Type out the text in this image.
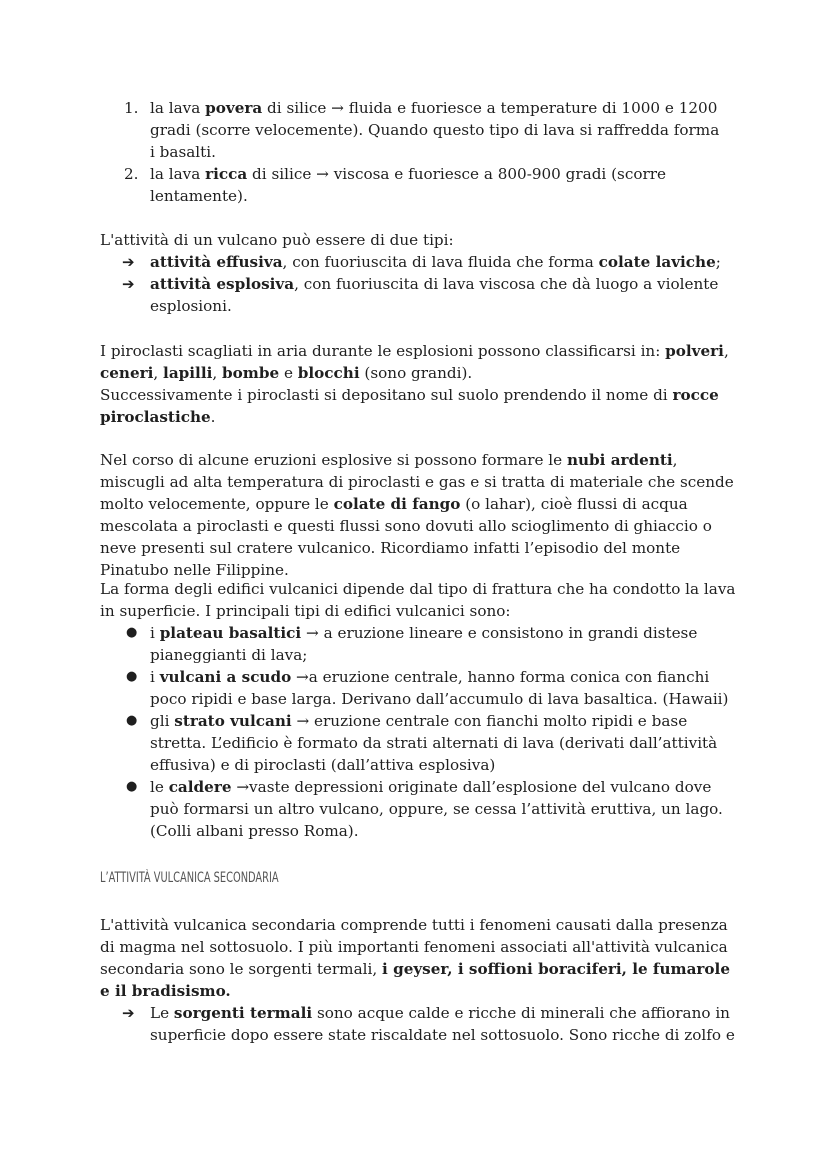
1. la lava povera di silice → fluida e fuoriesce a temperature di 1000 e 1200 gradi (scorre velocemente). Quando questo tipo di lava si raffredda forma i basalti.
2. la lava ricca di silice → viscosa e fuoriesce a 800-900 gradi (scorre lentamente).

L'attività di un vulcano può essere di due tipi:

➔ attività effusiva, con fuoriuscita di lava fluida che forma colate laviche;
➔ attività esplosiva, con fuoriuscita di lava viscosa che dà luogo a violente esplosioni.

I piroclasti scagliati in aria durante le esplosioni possono classificarsi in: polveri, ceneri, lapilli, bombe e blocchi (sono grandi).

Successivamente i piroclasti si depositano sul suolo prendendo il nome di rocce piroclastiche.

Nel corso di alcune eruzioni esplosive si possono formare le nubi ardenti, miscugli ad alta temperatura di piroclasti e gas e si tratta di materiale che scende molto velocemente, oppure le colate di fango (o lahar), cioè flussi di acqua mescolata a piroclasti e questi flussi sono dovuti allo scioglimento di ghiaccio o neve presenti sul cratere vulcanico. Ricordiamo infatti l’episodio del monte Pinatubo nelle Filippine.

La forma degli edifici vulcanici dipende dal tipo di frattura che ha condotto la lava in superficie. I principali tipi di edifici vulcanici sono:

● i plateau basaltici → a eruzione lineare e consistono in grandi distese pianeggianti di lava;
● i vulcani a scudo →a eruzione centrale, hanno forma conica con fianchi poco ripidi e base larga. Derivano dall’accumulo di lava basaltica. (Hawaii)
● gli strato vulcani → eruzione centrale con fianchi molto ripidi e base stretta. L’edificio è formato da strati alternati di lava (derivati dall’attività effusiva) e di piroclasti (dall’attiva esplosiva)
● le caldere →vaste depressioni originate dall’esplosione del vulcano dove può formarsi un altro vulcano, oppure, se cessa l’attività eruttiva, un lago. (Colli albani presso Roma).
L’ATTIVITÀ VULCANICA SECONDARIA

L'attività vulcanica secondaria comprende tutti i fenomeni causati dalla presenza di magma nel sottosuolo. I più importanti fenomeni associati all'attività vulcanica secondaria sono le sorgenti termali, i geyser, i soffioni boraciferi, le fumarole e il bradisismo.

➔ Le sorgenti termali sono acque calde e ricche di minerali che affiorano in superficie dopo essere state riscaldate nel sottosuolo. Sono ricche di zolfo e
